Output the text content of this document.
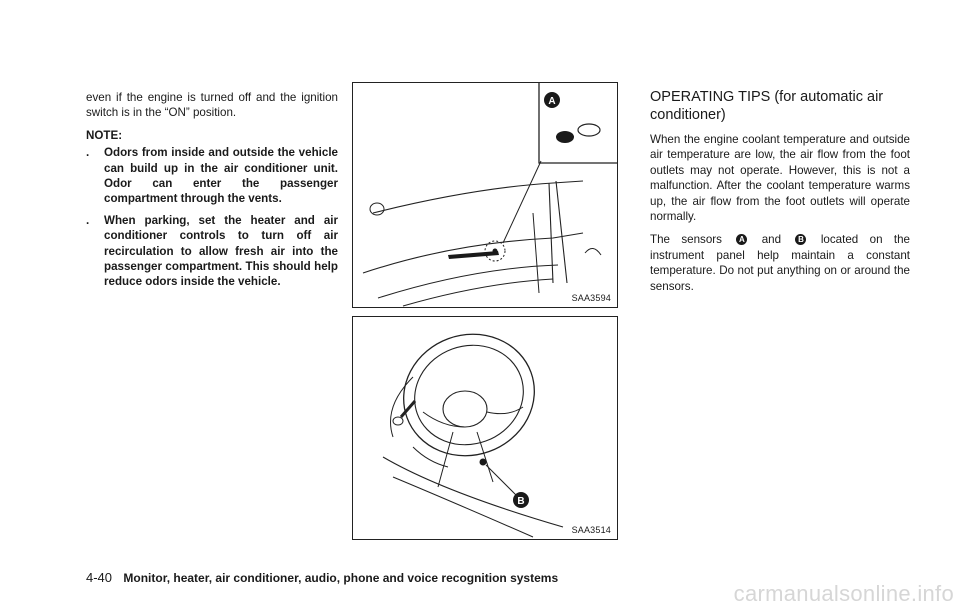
even if the engine is turned off and the ignition switch is in the “ON” position.

NOTE:
. Odors from inside and outside the vehicle can build up in the air conditioner unit. Odor can enter the passenger compartment through the vents.
. When parking, set the heater and air conditioner controls to turn off air recirculation to allow fresh air into the passenger compartment. This should help reduce odors inside the vehicle.
A
SAA3594
B
SAA3514
OPERATING TIPS (for automatic air conditioner)

When the engine coolant temperature and outside air temperature are low, the air flow from the foot outlets may not operate. However, this is not a malfunction. After the coolant temperature warms up, the air flow from the foot outlets will operate normally.

The sensors A and B located on the instrument panel help maintain a constant temperature. Do not put anything on or around the sensors.

4-40 Monitor, heater, air conditioner, audio, phone and voice recognition systems
carmanualsonline.info
